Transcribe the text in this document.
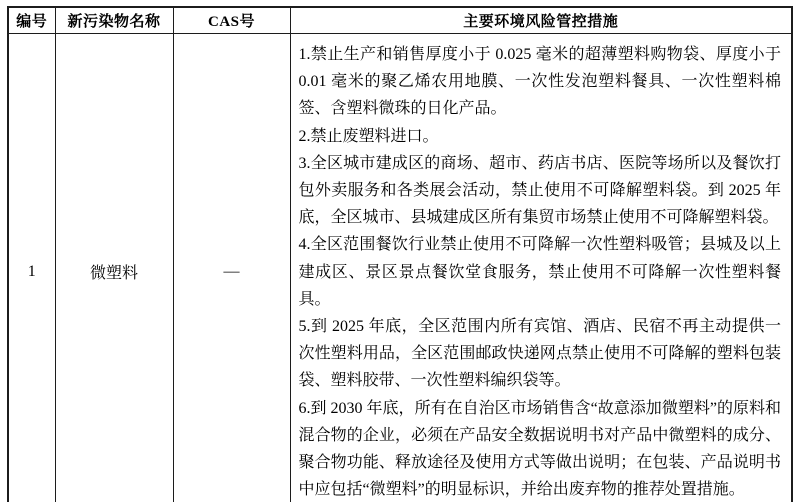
编号	新污染物名称	CAS号	主要环境风险管控措施
1	微塑料	—	

1.禁止生产和销售厚度小于 0.025 毫米的超薄塑料购物袋、厚度小于 0.01 毫米的聚乙烯农用地膜、一次性发泡塑料餐具、一次性塑料棉签、含塑料微珠的日化产品。

2.禁止废塑料进口。

3.全区城市建成区的商场、超市、药店书店、医院等场所以及餐饮打包外卖服务和各类展会活动，禁止使用不可降解塑料袋。到 2025 年底，全区城市、县城建成区所有集贸市场禁止使用不可降解塑料袋。

4.全区范围餐饮行业禁止使用不可降解一次性塑料吸管；县城及以上建成区、景区景点餐饮堂食服务，禁止使用不可降解一次性塑料餐具。

5.到 2025 年底，全区范围内所有宾馆、酒店、民宿不再主动提供一次性塑料用品，全区范围邮政快递网点禁止使用不可降解的塑料包装袋、塑料胶带、一次性塑料编织袋等。

6.到 2030 年底，所有在自治区市场销售含“故意添加微塑料”的原料和混合物的企业，必须在产品安全数据说明书对产品中微塑料的成分、聚合物功能、释放途径及使用方式等做出说明；在包装、产品说明书中应包括“微塑料”的明显标识，并给出废弃物的推荐处置措施。
